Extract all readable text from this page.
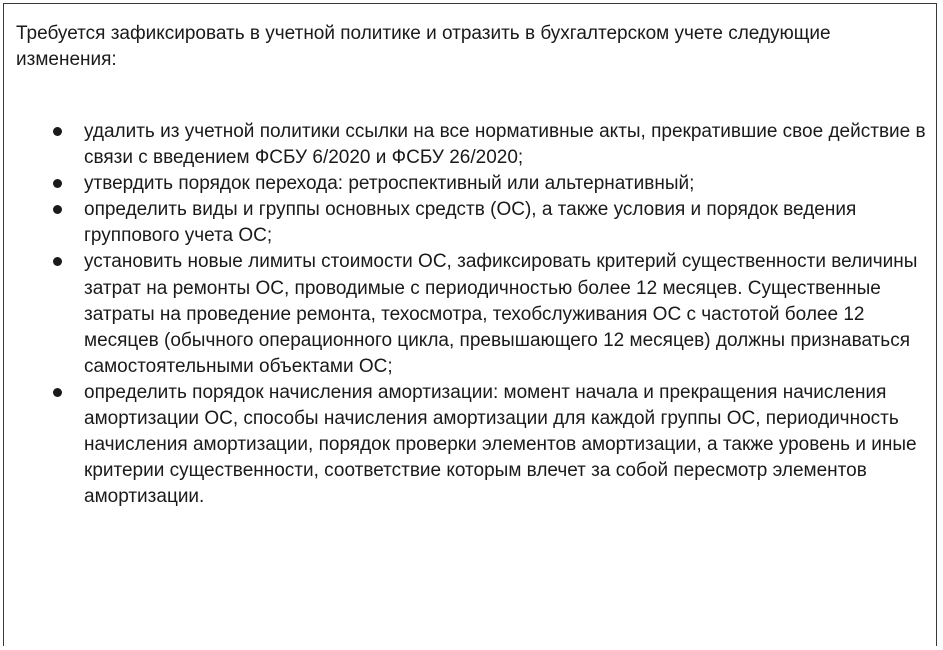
Требуется зафиксировать в учетной политике и отразить в бухгалтерском учете следующие изменения:

удалить из учетной политики ссылки на все нормативные акты, прекратившие свое действие в связи с введением ФСБУ 6/2020 и ФСБУ 26/2020;
утвердить порядок перехода: ретроспективный или альтернативный;
определить виды и группы основных средств (ОС), а также условия и порядок ведения группового учета ОС;
установить новые лимиты стоимости ОС, зафиксировать критерий существенности величины затрат на ремонты ОС, проводимые с периодичностью более 12 месяцев. Существенные затраты на проведение ремонта, техосмотра, техобслуживания ОС с частотой более 12 месяцев (обычного операционного цикла, превышающего 12 месяцев) должны признаваться самостоятельными объектами ОС;
определить порядок начисления амортизации: момент начала и прекращения начисления амортизации ОС, способы начисления амортизации для каждой группы ОС, периодичность начисления амортизации, порядок проверки элементов амортизации, а также уровень и иные критерии существенности, соответствие которым влечет за собой пересмотр элементов амортизации.
